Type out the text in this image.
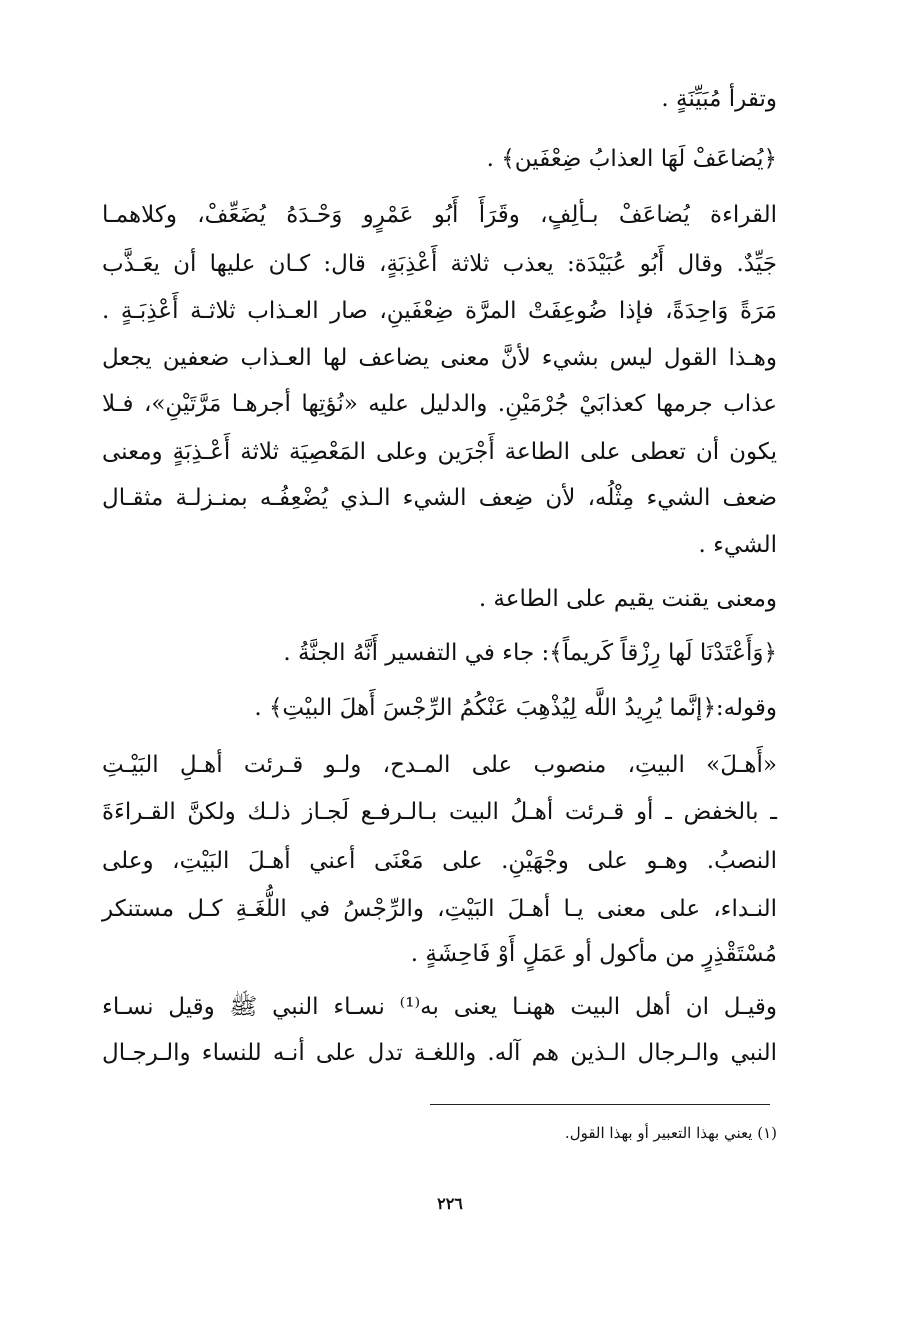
وتقرأ مُبَيِّنَةٍ .
﴿يُضاعَفْ لَهَا العذابُ ضِعْفَين﴾ .
القراءة يُضاعَفْ بـألِفٍ، وقَرَأَ أَبُو عَمْرٍو وَحْـدَهُ يُضَعِّفْ، وكلاهمـا
جَيِّدٌ. وقال أَبُو عُبَيْدَة: يعذب ثلاثة أَعْذِبَةٍ، قال: كـان عليها أن يعَـذَّب
مَرَةً وَاحِدَةً، فإذا ضُوعِفَتْ المرَّة ضِعْفَينِ، صار العـذاب ثلاثـة أَعْذِبَـةٍ .
وهـذا القول ليس بشيء لأنَّ معنى يضاعف لها العـذاب ضعفين يجعل
عذاب جرمها كعذابَيْ جُرْمَيْنِ. والدليل عليه «نُؤتِها أجرهـا مَرَّتَيْنِ»، فـلا
يكون أن تعطى على الطاعة أَجْرَين وعلى المَعْصِيَة ثلاثة أَعْـذِبَةٍ ومعنى
ضعف الشيء مِثْلُه، لأن ضِعف الشيء الـذي يُضْعِفُـه بمنـزلـة مثقـال
الشيء .
ومعنى يقنت يقيم على الطاعة .
﴿وَأَعْتَدْنَا لَها رِزْقاً كَريماً﴾: جاء في التفسير أَنَّهُ الجنَّةُ .
وقوله:﴿إنَّما يُرِيدُ اللَّه لِيُذْهِبَ عَنْكُمُ الرِّجْسَ أَهلَ البيْتِ﴾ .
«أَهـلَ» البيتِ، منصوب على المـدح، ولـو قـرئت أهـلِ البَيْـتِ
ـ بالخفض ـ أو قـرئت أهـلُ البيت بـالـرفـع لَجـاز ذلـك ولكنَّ القـراءَةَ
النصبُ. وهـو على وجْهَيْنِ. على مَعْنَى أعني أهـلَ البَيْتِ، وعلى
النـداء، على معنى يـا أهـلَ البَيْتِ، والرِّجْسُ في اللُّغَـةِ كـل مستنكر
مُسْتَقْذِرٍ من مأكول أو عَمَلٍ أَوْ فَاحِشَةٍ .
وقيـل ان أهل البيت ههنـا يعنى به⁽¹⁾ نسـاء النبي ﷺ وقيل نسـاء
النبي والـرجال الـذين هم آله. واللغـة تدل على أنـه للنساء والـرجـال
(١) يعني بهذا التعبير أو بهذا القول.
٢٢٦
